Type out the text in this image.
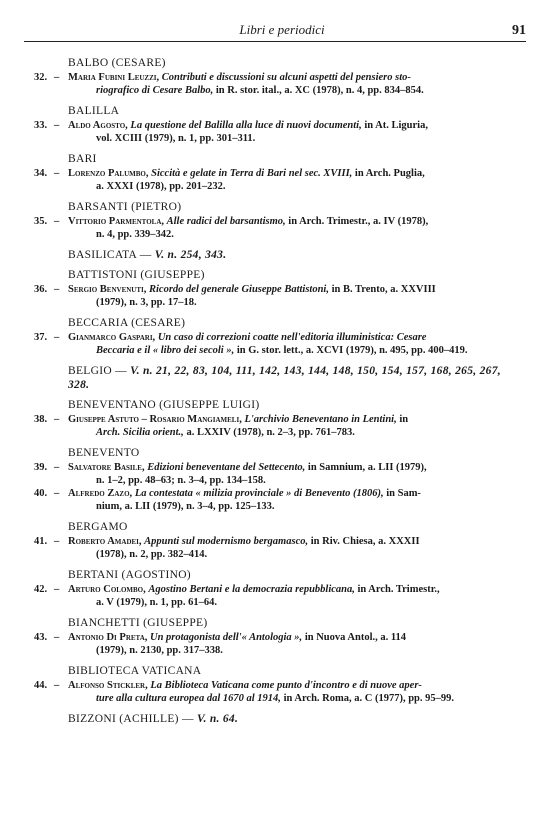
Libri e periodici	91
BALBO (CESARE)
32. – Maria Fubini Leuzzi, Contributi e discussioni su alcuni aspetti del pensiero sto-
riografico di Cesare Balbo, in R. stor. ital., a. XC (1978), n. 4, pp. 834–854.
BALILLA
33. – Aldo Agosto, La questione del Balilla alla luce di nuovi documenti, in At. Liguria,
vol. XCIII (1979), n. 1, pp. 301–311.
BARI
34. – Lorenzo Palumbo, Siccità e gelate in Terra di Bari nel sec. XVIII, in Arch. Puglia,
a. XXXI (1978), pp. 201–232.
BARSANTI (PIETRO)
35. – Vittorio Parmentola, Alle radici del barsantismo, in Arch. Trimestr., a. IV (1978),
n. 4, pp. 339–342.
BASILICATA — V. n. 254, 343.
BATTISTONI (GIUSEPPE)
36. – Sergio Benvenuti, Ricordo del generale Giuseppe Battistoni, in B. Trento, a. XXVIII
(1979), n. 3, pp. 17–18.
BECCARIA (CESARE)
37. – Gianmarco Gaspari, Un caso di correzioni coatte nell'editoria illuministica: Cesare
Beccaria e il « libro dei secoli », in G. stor. lett., a. XCVI (1979), n. 495, pp. 400–419.
BELGIO — V. n. 21, 22, 83, 104, 111, 142, 143, 144, 148, 150, 154, 157, 168, 265, 267, 328.
BENEVENTANO (GIUSEPPE LUIGI)
38. – Giuseppe Astuto – Rosario Mangiameli, L'archivio Beneventano in Lentini, in
Arch. Sicilia orient., a. LXXIV (1978), n. 2–3, pp. 761–783.
BENEVENTO
39. – Salvatore Basile, Edizioni beneventane del Settecento, in Samnium, a. LII (1979),
n. 1–2, pp. 48–63; n. 3–4, pp. 134–158.
40. – Alfredo Zazo, La contestata « milizia provinciale » di Benevento (1806), in Sam-
nium, a. LII (1979), n. 3–4, pp. 125–133.
BERGAMO
41. – Roberto Amadei, Appunti sul modernismo bergamasco, in Riv. Chiesa, a. XXXII
(1978), n. 2, pp. 382–414.
BERTANI (AGOSTINO)
42. – Arturo Colombo, Agostino Bertani e la democrazia repubblicana, in Arch. Trimestr.,
a. V (1979), n. 1, pp. 61–64.
BIANCHETTI (GIUSEPPE)
43. – Antonio Di Preta, Un protagonista dell'« Antologia », in Nuova Antol., a. 114
(1979), n. 2130, pp. 317–338.
BIBLIOTECA VATICANA
44. – Alfonso Stickler, La Biblioteca Vaticana come punto d'incontro e di nuove aper-
ture alla cultura europea dal 1670 al 1914, in Arch. Roma, a. C (1977), pp. 95–99.
BIZZONI (ACHILLE) — V. n. 64.
